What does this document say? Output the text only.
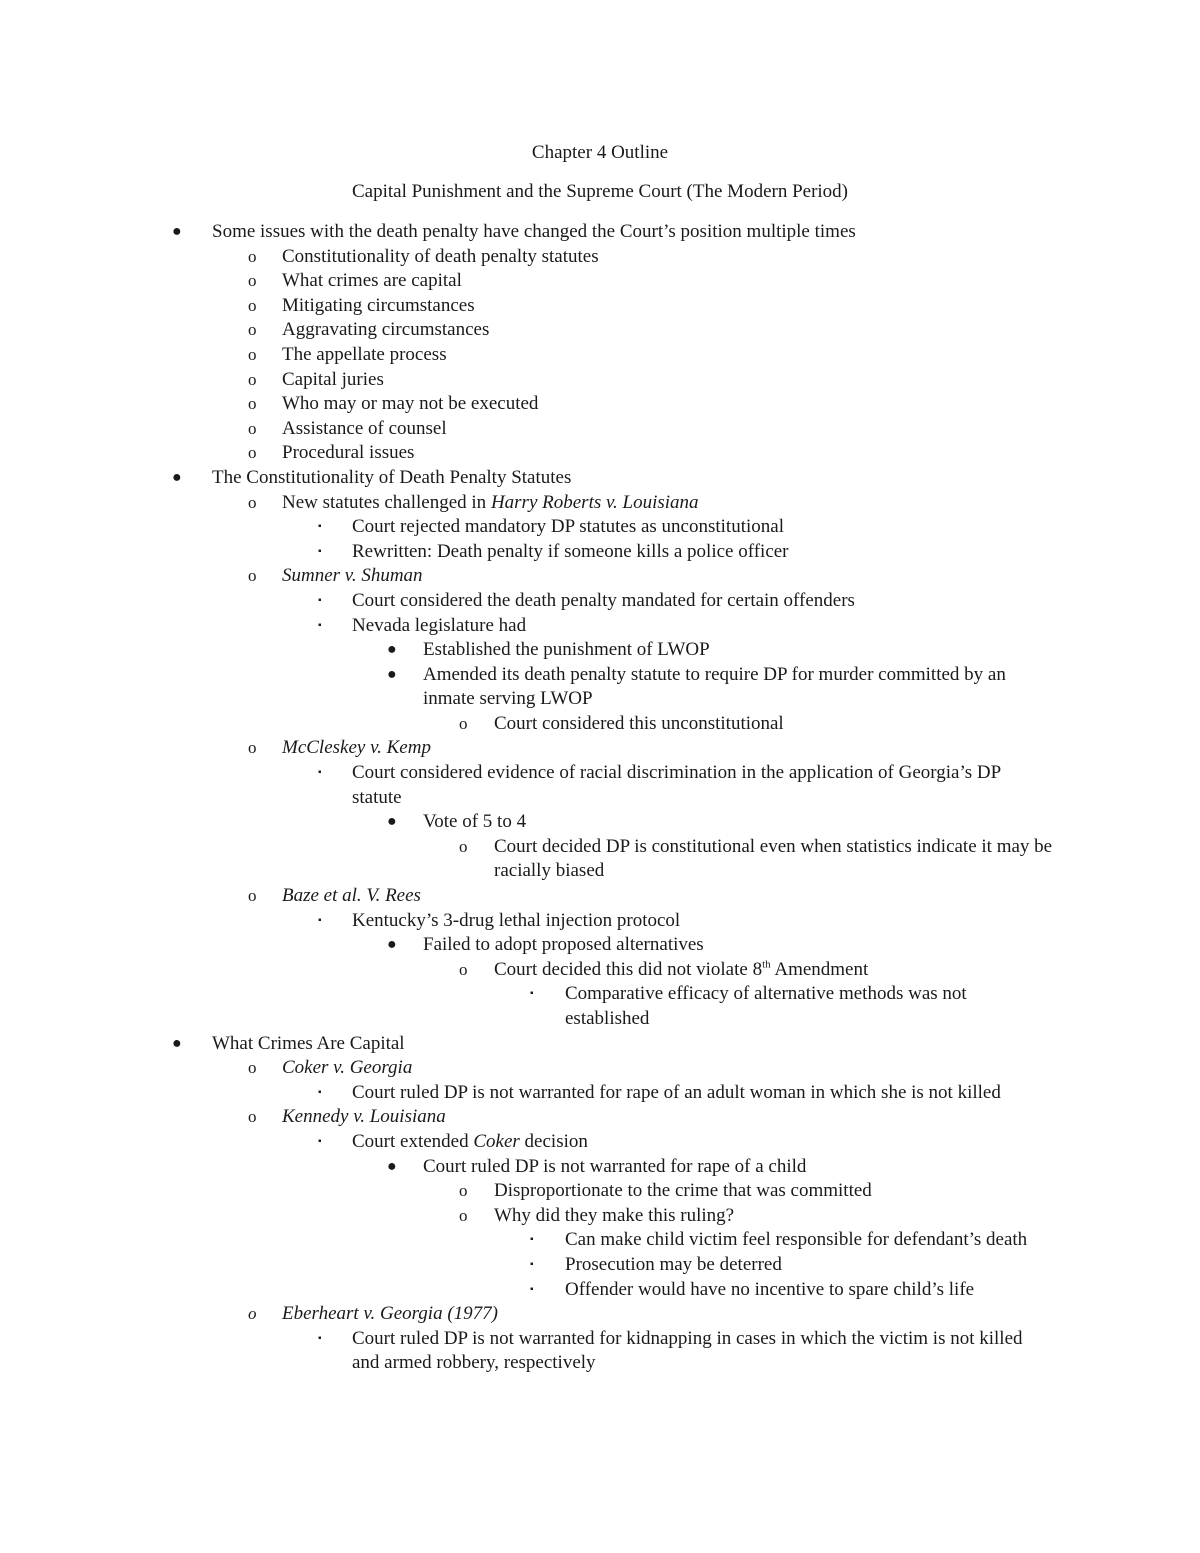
Chapter 4 Outline
Capital Punishment and the Supreme Court (The Modern Period)
●	Some issues with the death penalty have changed the Court’s position multiple times
o	Constitutionality of death penalty statutes
o	What crimes are capital
o	Mitigating circumstances
o	Aggravating circumstances
o	The appellate process
o	Capital juries
o	Who may or may not be executed
o	Assistance of counsel
o	Procedural issues
●	The Constitutionality of Death Penalty Statutes
o	New statutes challenged in Harry Roberts v. Louisiana
▪	Court rejected mandatory DP statutes as unconstitutional
▪	Rewritten: Death penalty if someone kills a police officer
o	Sumner v. Shuman
▪	Court considered the death penalty mandated for certain offenders
▪	Nevada legislature had
●	Established the punishment of LWOP
●	Amended its death penalty statute to require DP for murder committed by an inmate serving LWOP
o	Court considered this unconstitutional
o	McCleskey v. Kemp
▪	Court considered evidence of racial discrimination in the application of Georgia’s DP statute
●	Vote of 5 to 4
o	Court decided DP is constitutional even when statistics indicate it may be racially biased
o	Baze et al. V. Rees
▪	Kentucky’s 3-drug lethal injection protocol
●	Failed to adopt proposed alternatives
o	Court decided this did not violate 8th Amendment
▪	Comparative efficacy of alternative methods was not established
●	What Crimes Are Capital
o	Coker v. Georgia
▪	Court ruled DP is not warranted for rape of an adult woman in which she is not killed
o	Kennedy v. Louisiana
▪	Court extended Coker decision
●	Court ruled DP is not warranted for rape of a child
o	Disproportionate to the crime that was committed
o	Why did they make this ruling?
▪	Can make child victim feel responsible for defendant’s death
▪	Prosecution may be deterred
▪	Offender would have no incentive to spare child’s life
o	Eberheart v. Georgia (1977)
▪	Court ruled DP is not warranted for kidnapping in cases in which the victim is not killed and armed robbery, respectively
